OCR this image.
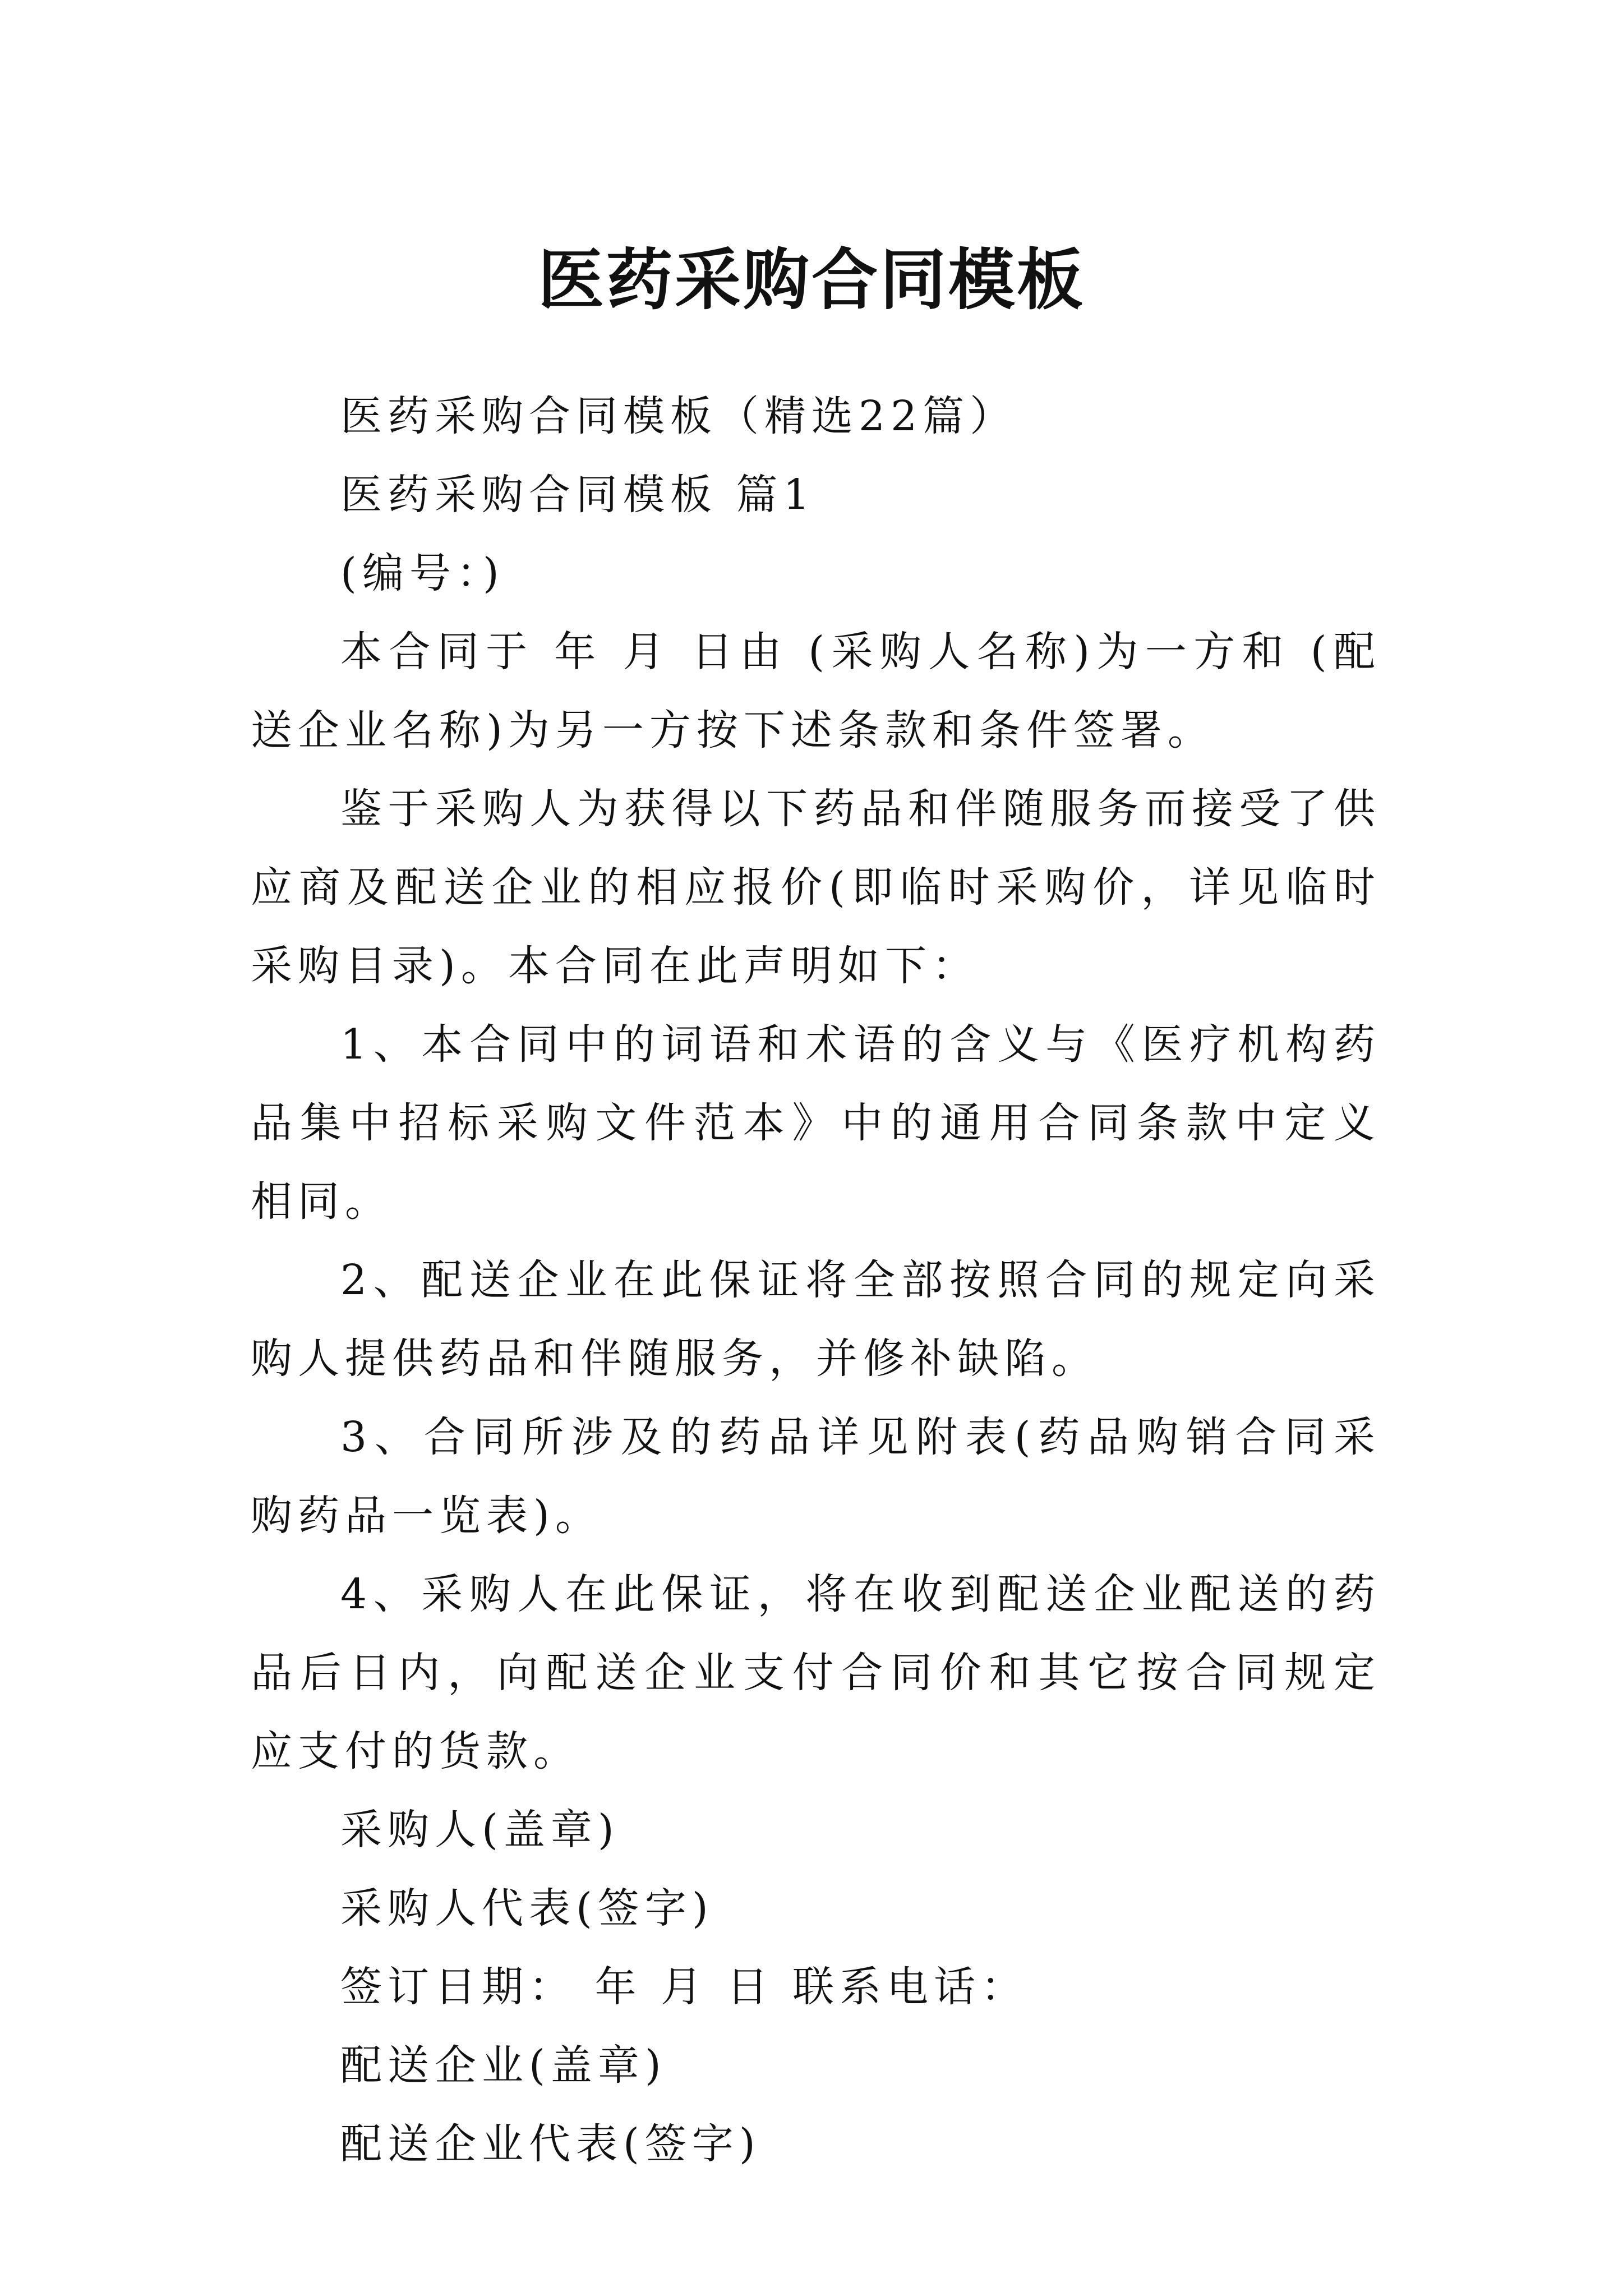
医药采购合同模板

医药采购合同模板（精选22篇）

医药采购合同模板 篇1

(编号：)

本合同于 年 月 日由 (采购人名称)为一方和 (配送企业名称)为另一方按下述条款和条件签署。

鉴于采购人为获得以下药品和伴随服务而接受了供应商及配送企业的相应报价(即临时采购价，详见临时采购目录)。本合同在此声明如下：

1、本合同中的词语和术语的含义与《医疗机构药品集中招标采购文件范本》中的通用合同条款中定义相同。

2、配送企业在此保证将全部按照合同的规定向采购人提供药品和伴随服务，并修补缺陷。

3、合同所涉及的药品详见附表(药品购销合同采购药品一览表)。

4、采购人在此保证，将在收到配送企业配送的药品后日内，向配送企业支付合同价和其它按合同规定应支付的货款。

采购人(盖章)

采购人代表(签字)

签订日期： 年 月 日 联系电话：

配送企业(盖章)

配送企业代表(签字)
